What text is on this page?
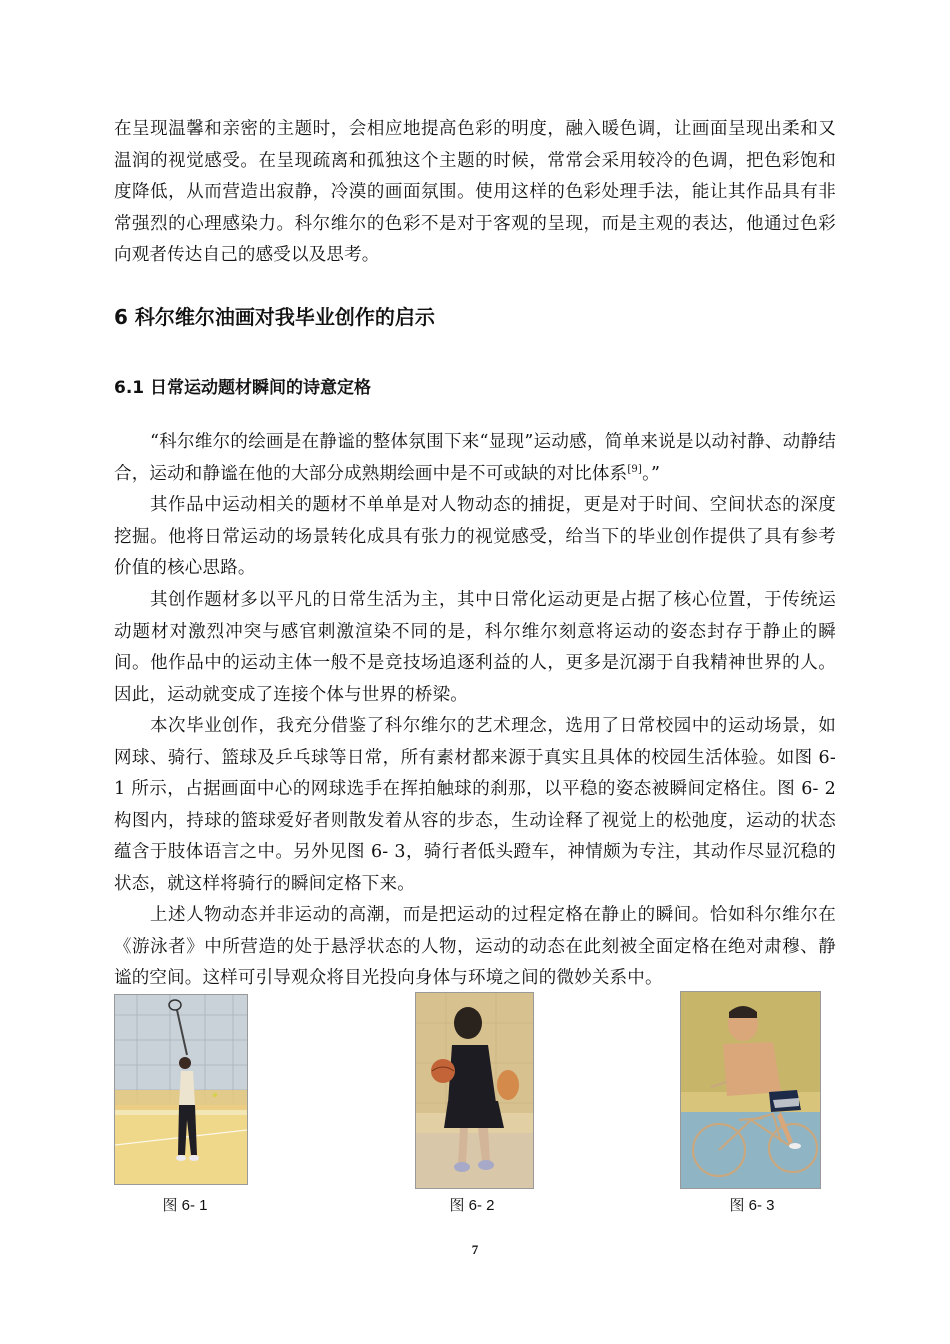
在呈现温馨和亲密的主题时，会相应地提高色彩的明度，融入暖色调，让画面呈现出柔和又温润的视觉感受。在呈现疏离和孤独这个主题的时候，常常会采用较冷的色调，把色彩饱和度降低，从而营造出寂静，冷漠的画面氛围。使用这样的色彩处理手法，能让其作品具有非常强烈的心理感染力。科尔维尔的色彩不是对于客观的呈现，而是主观的表达，他通过色彩向观者传达自己的感受以及思考。

6 科尔维尔油画对我毕业创作的启示
6.1 日常运动题材瞬间的诗意定格

“科尔维尔的绘画是在静谧的整体氛围下来“显现”运动感，简单来说是以动衬静、动静结合，运动和静谧在他的大部分成熟期绘画中是不可或缺的对比体系[9]。”

其作品中运动相关的题材不单单是对人物动态的捕捉，更是对于时间、空间状态的深度挖掘。他将日常运动的场景转化成具有张力的视觉感受，给当下的毕业创作提供了具有参考价值的核心思路。

其创作题材多以平凡的日常生活为主，其中日常化运动更是占据了核心位置，于传统运动题材对激烈冲突与感官刺激渲染不同的是，科尔维尔刻意将运动的姿态封存于静止的瞬间。他作品中的运动主体一般不是竞技场追逐利益的人，更多是沉溺于自我精神世界的人。因此，运动就变成了连接个体与世界的桥梁。

本次毕业创作，我充分借鉴了科尔维尔的艺术理念，选用了日常校园中的运动场景，如网球、骑行、篮球及乒乓球等日常，所有素材都来源于真实且具体的校园生活体验。如图 6- 1 所示，占据画面中心的网球选手在挥拍触球的刹那，以平稳的姿态被瞬间定格住。图 6- 2 构图内，持球的篮球爱好者则散发着从容的步态，生动诠释了视觉上的松弛度，运动的状态蕴含于肢体语言之中。另外见图 6- 3，骑行者低头蹬车，神情颇为专注，其动作尽显沉稳的状态，就这样将骑行的瞬间定格下来。

上述人物动态并非运动的高潮，而是把运动的过程定格在静止的瞬间。恰如科尔维尔在《游泳者》中所营造的处于悬浮状态的人物，运动的动态在此刻被全面定格在绝对肃穆、静谧的空间。这样可引导观众将目光投向身体与环境之间的微妙关系中。

图 6- 1	图 6- 2	图 6- 3
7
